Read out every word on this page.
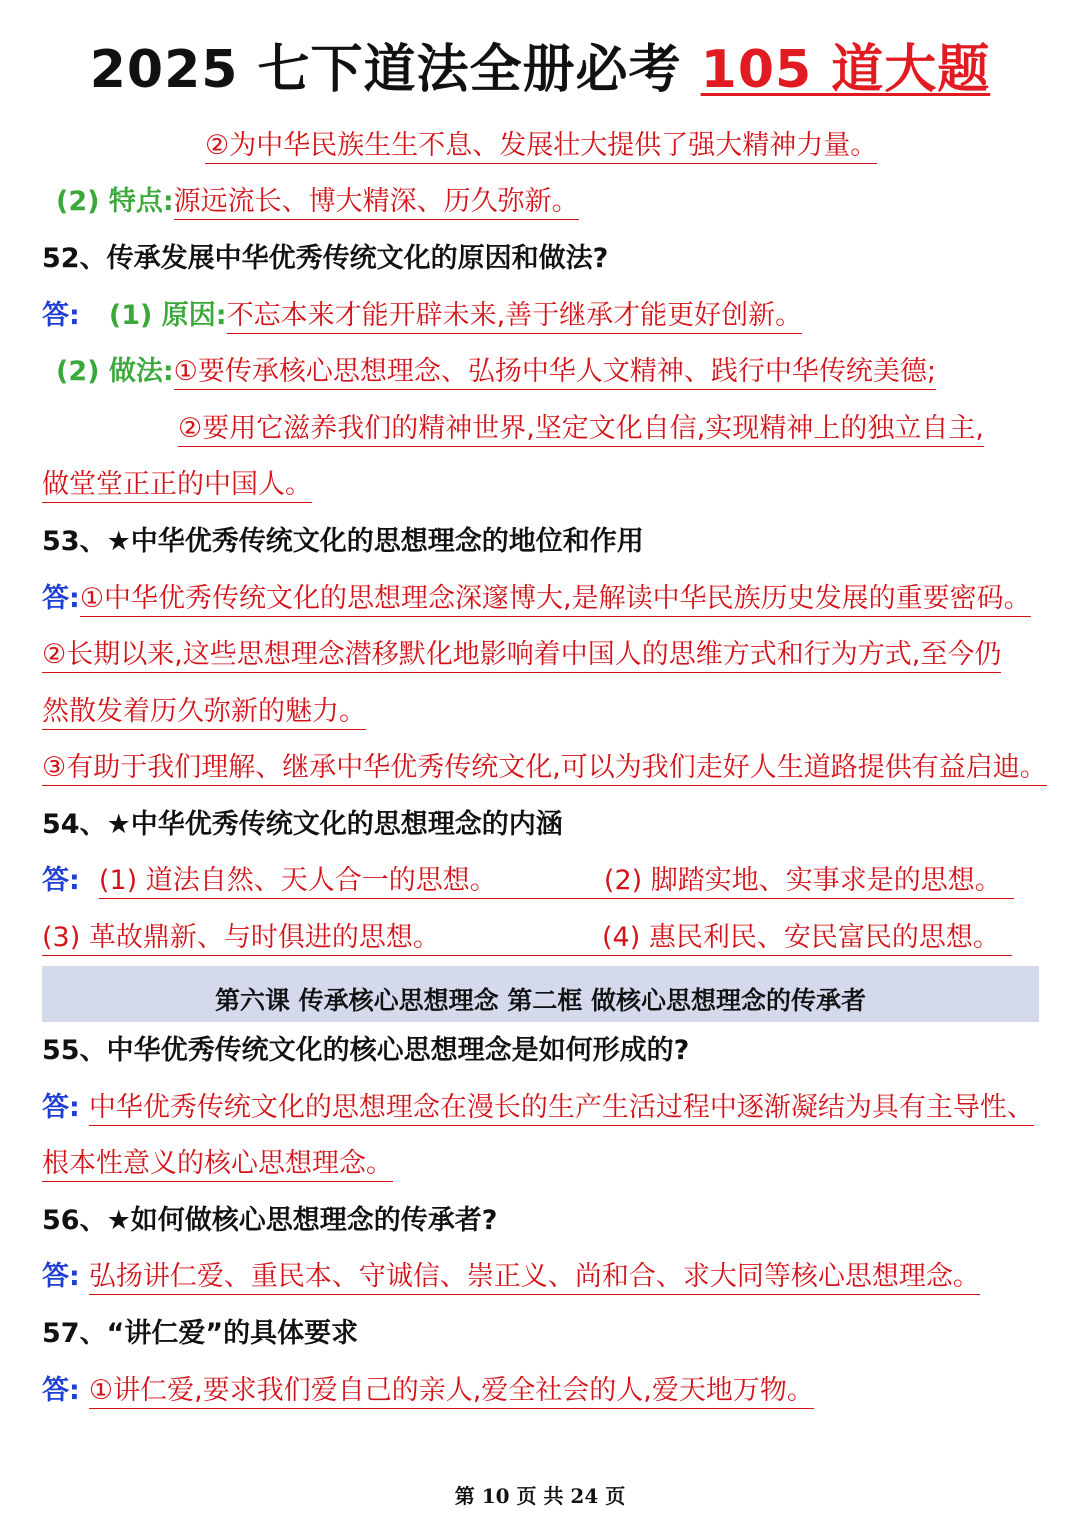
2025 七下道法全册必考 105 道大题
②为中华民族生生不息、发展壮大提供了强大精神力量。
(2) 特点:源远流长、博大精深、历久弥新。
52、传承发展中华优秀传统文化的原因和做法?
答: (1) 原因:不忘本来才能开辟未来,善于继承才能更好创新。
(2) 做法:①要传承核心思想理念、弘扬中华人文精神、践行中华传统美德;
②要用它滋养我们的精神世界,坚定文化自信,实现精神上的独立自主,
做堂堂正正的中国人。
53、★中华优秀传统文化的思想理念的地位和作用
答:①中华优秀传统文化的思想理念深邃博大,是解读中华民族历史发展的重要密码。
②长期以来,这些思想理念潜移默化地影响着中国人的思维方式和行为方式,至今仍
然散发着历久弥新的魅力。
③有助于我们理解、继承中华优秀传统文化,可以为我们走好人生道路提供有益启迪。
54、★中华优秀传统文化的思想理念的内涵
答: (1) 道法自然、天人合一的思想。	(2) 脚踏实地、实事求是的思想。
(3) 革故鼎新、与时俱进的思想。	(4) 惠民利民、安民富民的思想。
第六课 传承核心思想理念 第二框 做核心思想理念的传承者
55、中华优秀传统文化的核心思想理念是如何形成的?
答: 中华优秀传统文化的思想理念在漫长的生产生活过程中逐渐凝结为具有主导性、
根本性意义的核心思想理念。
56、★如何做核心思想理念的传承者?
答: 弘扬讲仁爱、重民本、守诚信、崇正义、尚和合、求大同等核心思想理念。
57、“讲仁爱”的具体要求
答: ①讲仁爱,要求我们爱自己的亲人,爱全社会的人,爱天地万物。
第 10 页 共 24 页
